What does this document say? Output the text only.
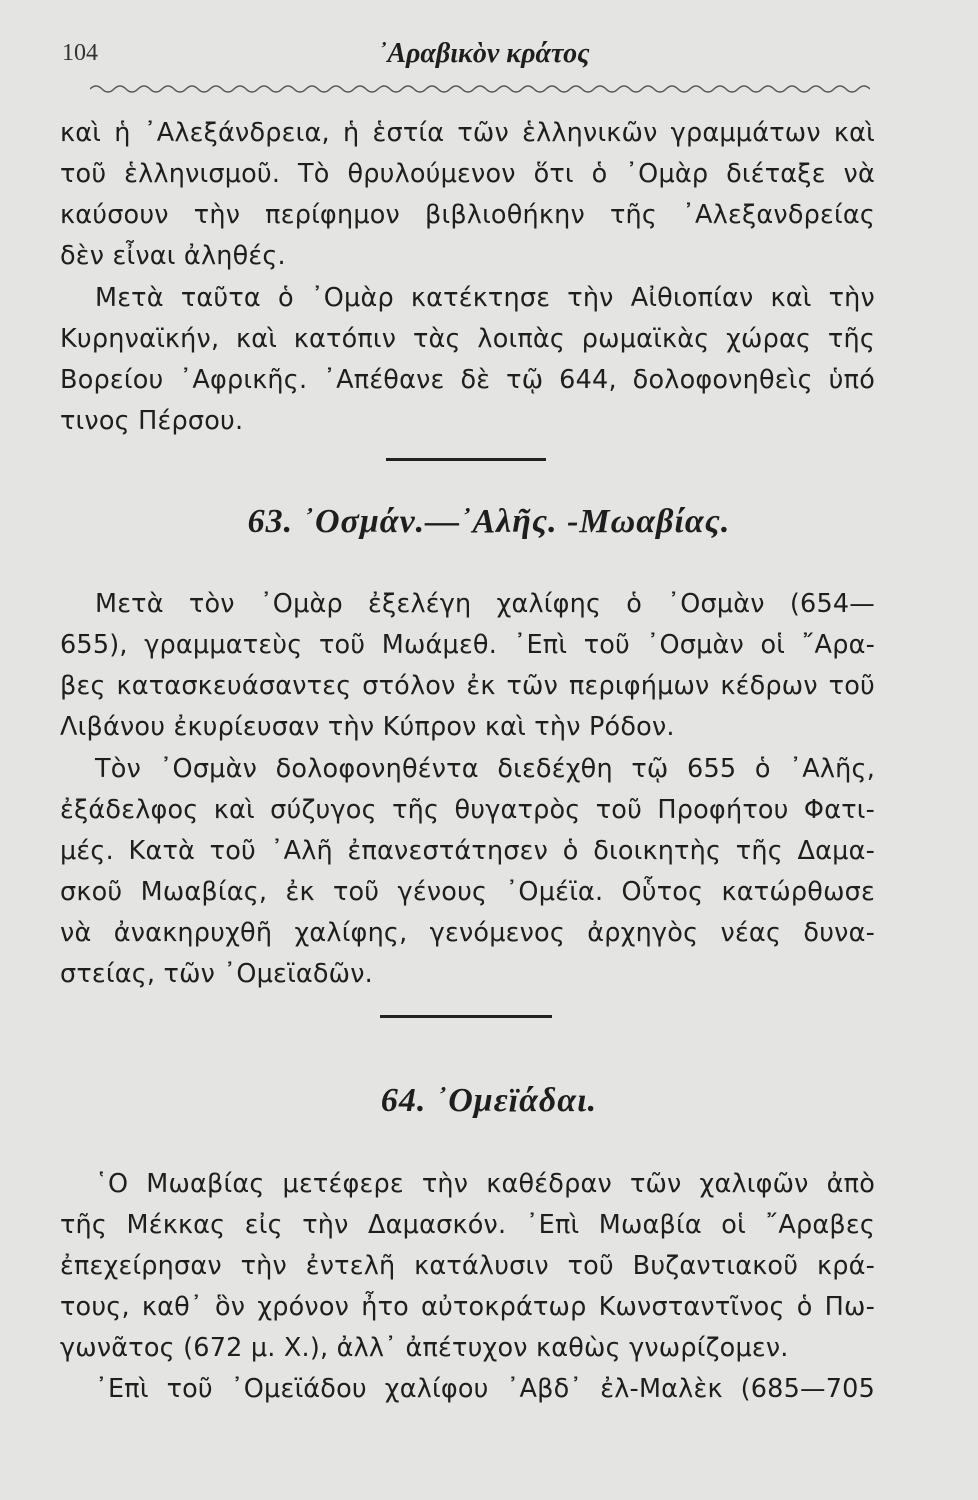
104	᾽Αραβικὸν κράτος
καὶ ἡ ᾽Αλεξάνδρεια, ἡ ἑστία τῶν ἑλληνικῶν γραμμάτων καὶ
τοῦ ἑλληνισμοῦ. Τὸ θρυλούμενον ὅτι ὁ ᾽Ομὰρ διέταξε νὰ
καύσουν τὴν περίφημον βιβλιοθήκην τῆς ᾽Αλεξανδρείας
δὲν εἶναι ἀληθές.
Μετὰ ταῦτα ὁ ᾽Ομὰρ κατέκτησε τὴν Αἰθιοπίαν καὶ τὴν
Κυρηναϊκήν, καὶ κατόπιν τὰς λοιπὰς ρωμαϊκὰς χώρας τῆς
Βορείου ᾽Αφρικῆς. ᾽Απέθανε δὲ τῷ 644, δολοφονηθεὶς ὑπό
τινος Πέρσου.
63. ᾽Οσμάν.—᾽Αλῆς. -Μωαβίας.
Μετὰ τὸν ᾽Ομὰρ ἐξελέγη χαλίφης ὁ ᾽Οσμὰν (654—
655), γραμματεὺς τοῦ Μωάμεθ. ᾽Επὶ τοῦ ᾽Οσμὰν οἱ ῎Αρα-
βες κατασκευάσαντες στόλον ἐκ τῶν περιφήμων κέδρων τοῦ
Λιβάνου ἐκυρίευσαν τὴν Κύπρον καὶ τὴν Ρόδον.
Τὸν ᾽Οσμὰν δολοφονηθέντα διεδέχθη τῷ 655 ὁ ᾽Αλῆς,
ἐξάδελφος καὶ σύζυγος τῆς θυγατρὸς τοῦ Προφήτου Φατι-
μές. Κατὰ τοῦ ᾽Αλῆ ἐπανεστάτησεν ὁ διοικητὴς τῆς Δαμα-
σκοῦ Μωαβίας, ἐκ τοῦ γένους ᾽Ομέϊα. Οὗτος κατώρθωσε
νὰ ἀνακηρυχθῆ χαλίφης, γενόμενος ἀρχηγὸς νέας δυνα-
στείας, τῶν ᾽Ομεϊαδῶν.
64. ᾽Ομεϊάδαι.
῾Ο Μωαβίας μετέφερε τὴν καθέδραν τῶν χαλιφῶν ἀπὸ
τῆς Μέκκας εἰς τὴν Δαμασκόν. ᾽Επὶ Μωαβία οἱ ῎Αραβες
ἐπεχείρησαν τὴν ἐντελῆ κατάλυσιν τοῦ Βυζαντιακοῦ κρά-
τους, καθ᾽ ὃν χρόνον ἦτο αὐτοκράτωρ Κωνσταντῖνος ὁ Πω-
γωνᾶτος (672 μ. Χ.), ἀλλ᾽ ἀπέτυχον καθὼς γνωρίζομεν.
᾽Επὶ τοῦ ᾽Ομεϊάδου χαλίφου ᾽Αβδ᾽ ἐλ-Μαλὲκ (685—705
